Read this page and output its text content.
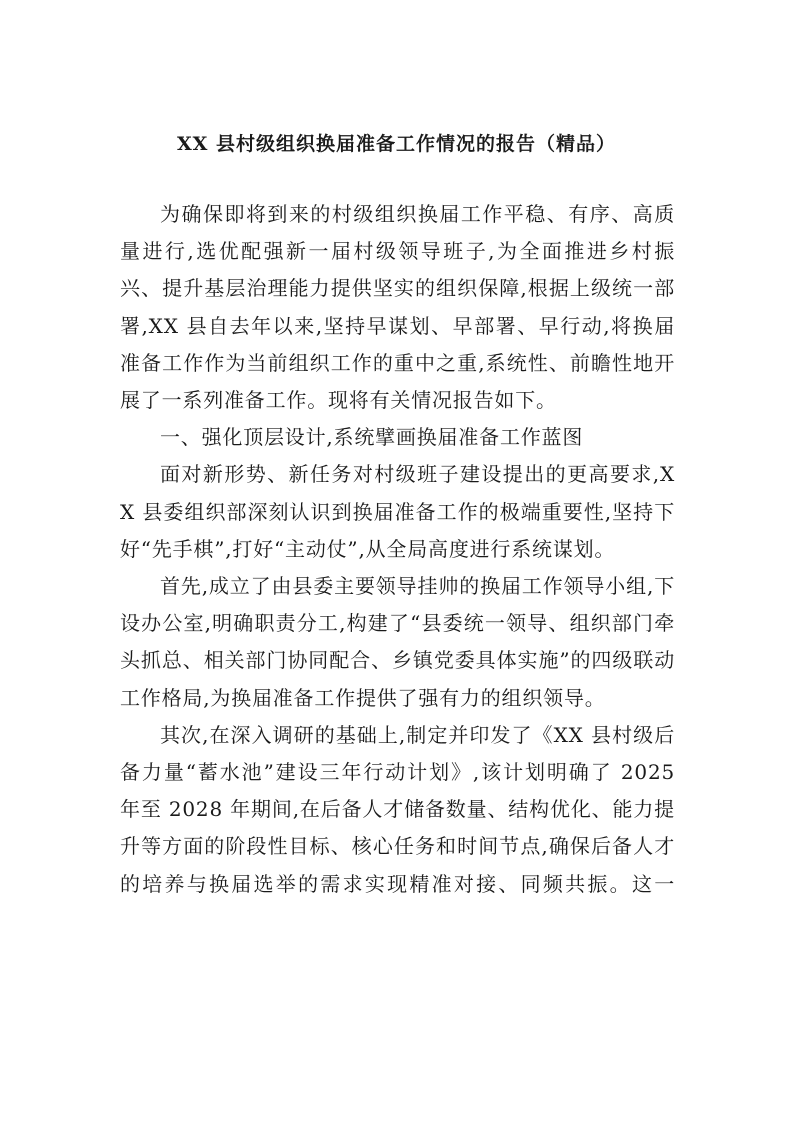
XX 县村级组织换届准备工作情况的报告（精品）

为确保即将到来的村级组织换届工作平稳、有序、高质量进行,选优配强新一届村级领导班子,为全面推进乡村振兴、提升基层治理能力提供坚实的组织保障,根据上级统一部署,XX 县自去年以来,坚持早谋划、早部署、早行动,将换届准备工作作为当前组织工作的重中之重,系统性、前瞻性地开展了一系列准备工作。现将有关情况报告如下。

一、强化顶层设计,系统擘画换届准备工作蓝图

面对新形势、新任务对村级班子建设提出的更高要求,XX 县委组织部深刻认识到换届准备工作的极端重要性,坚持下好“先手棋”,打好“主动仗”,从全局高度进行系统谋划。

首先,成立了由县委主要领导挂帅的换届工作领导小组,下设办公室,明确职责分工,构建了“县委统一领导、组织部门牵头抓总、相关部门协同配合、乡镇党委具体实施”的四级联动工作格局,为换届准备工作提供了强有力的组织领导。

其次,在深入调研的基础上,制定并印发了《XX 县村级后备力量“蓄水池”建设三年行动计划》,该计划明确了 2025 年至 2028 年期间,在后备人才储备数量、结构优化、能力提升等方面的阶段性目标、核心任务和时间节点,确保后备人才的培养与换届选举的需求实现精准对接、同频共振。这一
